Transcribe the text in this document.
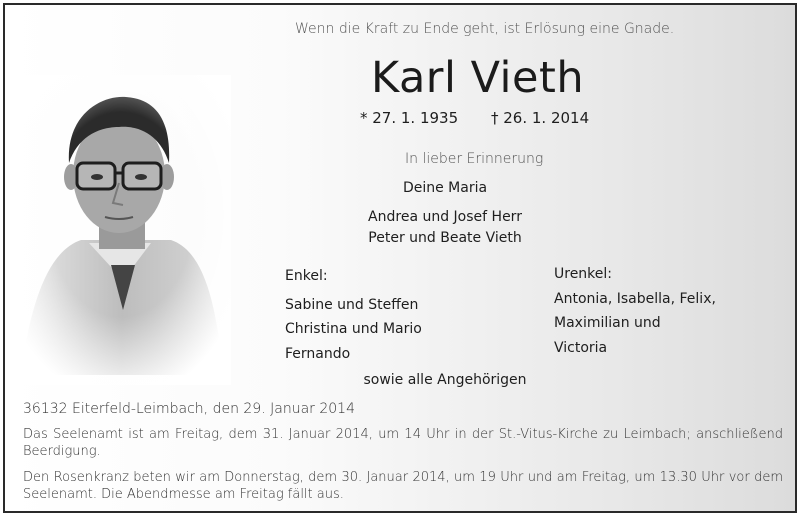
Wenn die Kraft zu Ende geht, ist Erlösung eine Gnade.
Karl Vieth
* 27. 1. 1935 † 26. 1. 2014
In lieber Erinnerung
Deine Maria
Andrea und Josef Herr
Peter und Beate Vieth
Enkel:
Sabine und Steffen
Christina und Mario
Fernando
Urenkel:
Antonia, Isabella, Felix,
Maximilian und
Victoria
sowie alle Angehörigen
36132 Eiterfeld-Leimbach, den 29. Januar 2014
Das Seelenamt ist am Freitag, dem 31. Januar 2014, um 14 Uhr in der St.-Vitus-Kirche zu Leimbach; anschließend Beerdigung.
Den Rosenkranz beten wir am Donnerstag, dem 30. Januar 2014, um 19 Uhr und am Freitag, um 13.30 Uhr vor dem Seelenamt. Die Abendmesse am Freitag fällt aus.
